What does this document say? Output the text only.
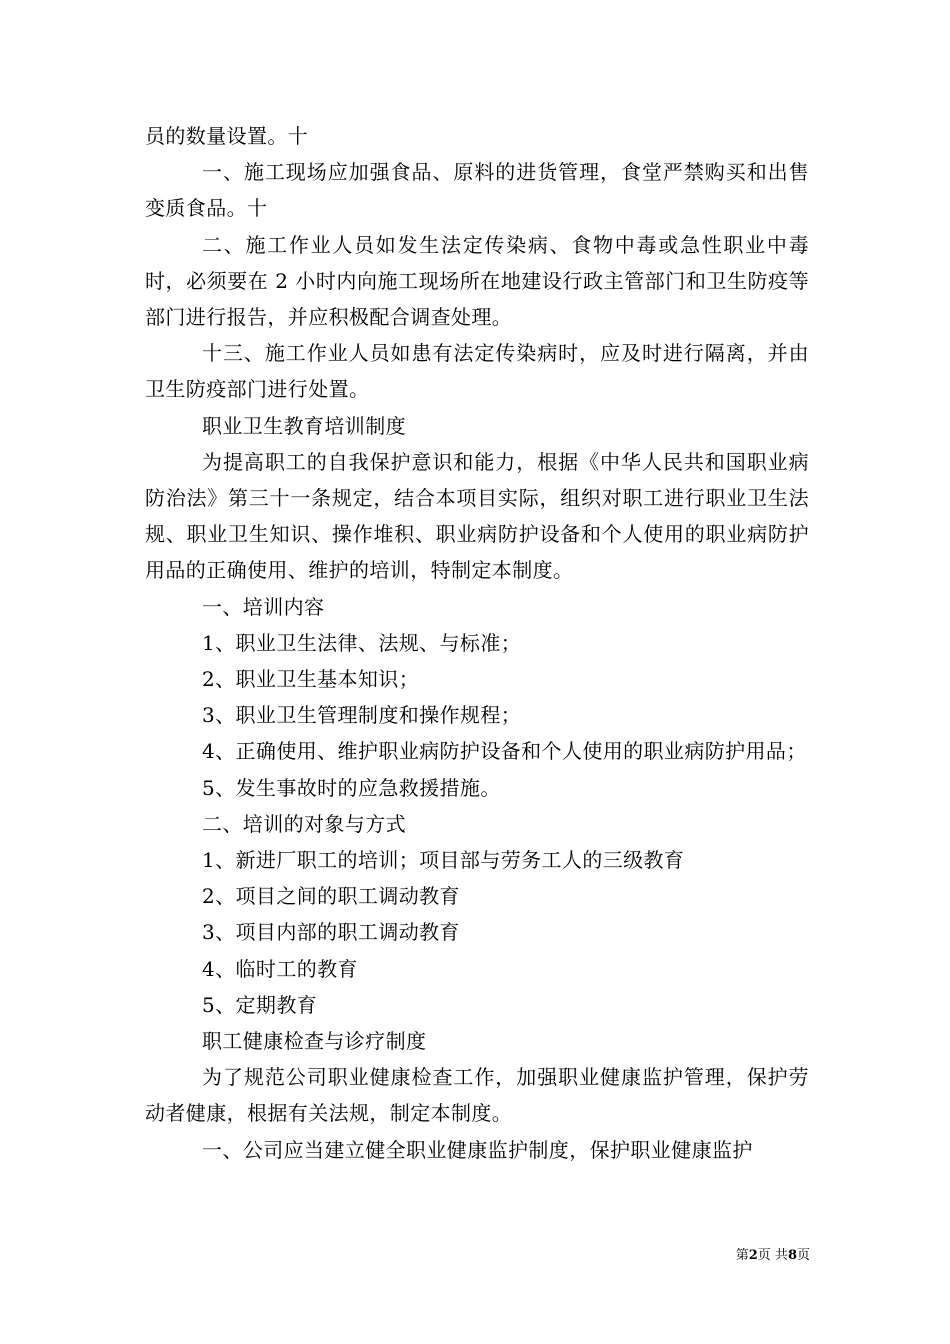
员的数量设置。十

一、施工现场应加强食品、原料的进货管理，食堂严禁购买和出售变质食品。十

二、施工作业人员如发生法定传染病、食物中毒或急性职业中毒时，必须要在 2 小时内向施工现场所在地建设行政主管部门和卫生防疫等部门进行报告，并应积极配合调查处理。

十三、施工作业人员如患有法定传染病时，应及时进行隔离，并由卫生防疫部门进行处置。

职业卫生教育培训制度

为提高职工的自我保护意识和能力，根据《中华人民共和国职业病防治法》第三十一条规定，结合本项目实际，组织对职工进行职业卫生法规、职业卫生知识、操作堆积、职业病防护设备和个人使用的职业病防护用品的正确使用、维护的培训，特制定本制度。

一、培训内容

1、职业卫生法律、法规、与标准；

2、职业卫生基本知识；

3、职业卫生管理制度和操作规程；

4、正确使用、维护职业病防护设备和个人使用的职业病防护用品；

5、发生事故时的应急救援措施。

二、培训的对象与方式

1、新进厂职工的培训；项目部与劳务工人的三级教育

2、项目之间的职工调动教育

3、项目内部的职工调动教育

4、临时工的教育

5、定期教育

职工健康检查与诊疗制度

为了规范公司职业健康检查工作，加强职业健康监护管理，保护劳动者健康，根据有关法规，制定本制度。

一、公司应当建立健全职业健康监护制度，保护职业健康监护

第2页 共8页
